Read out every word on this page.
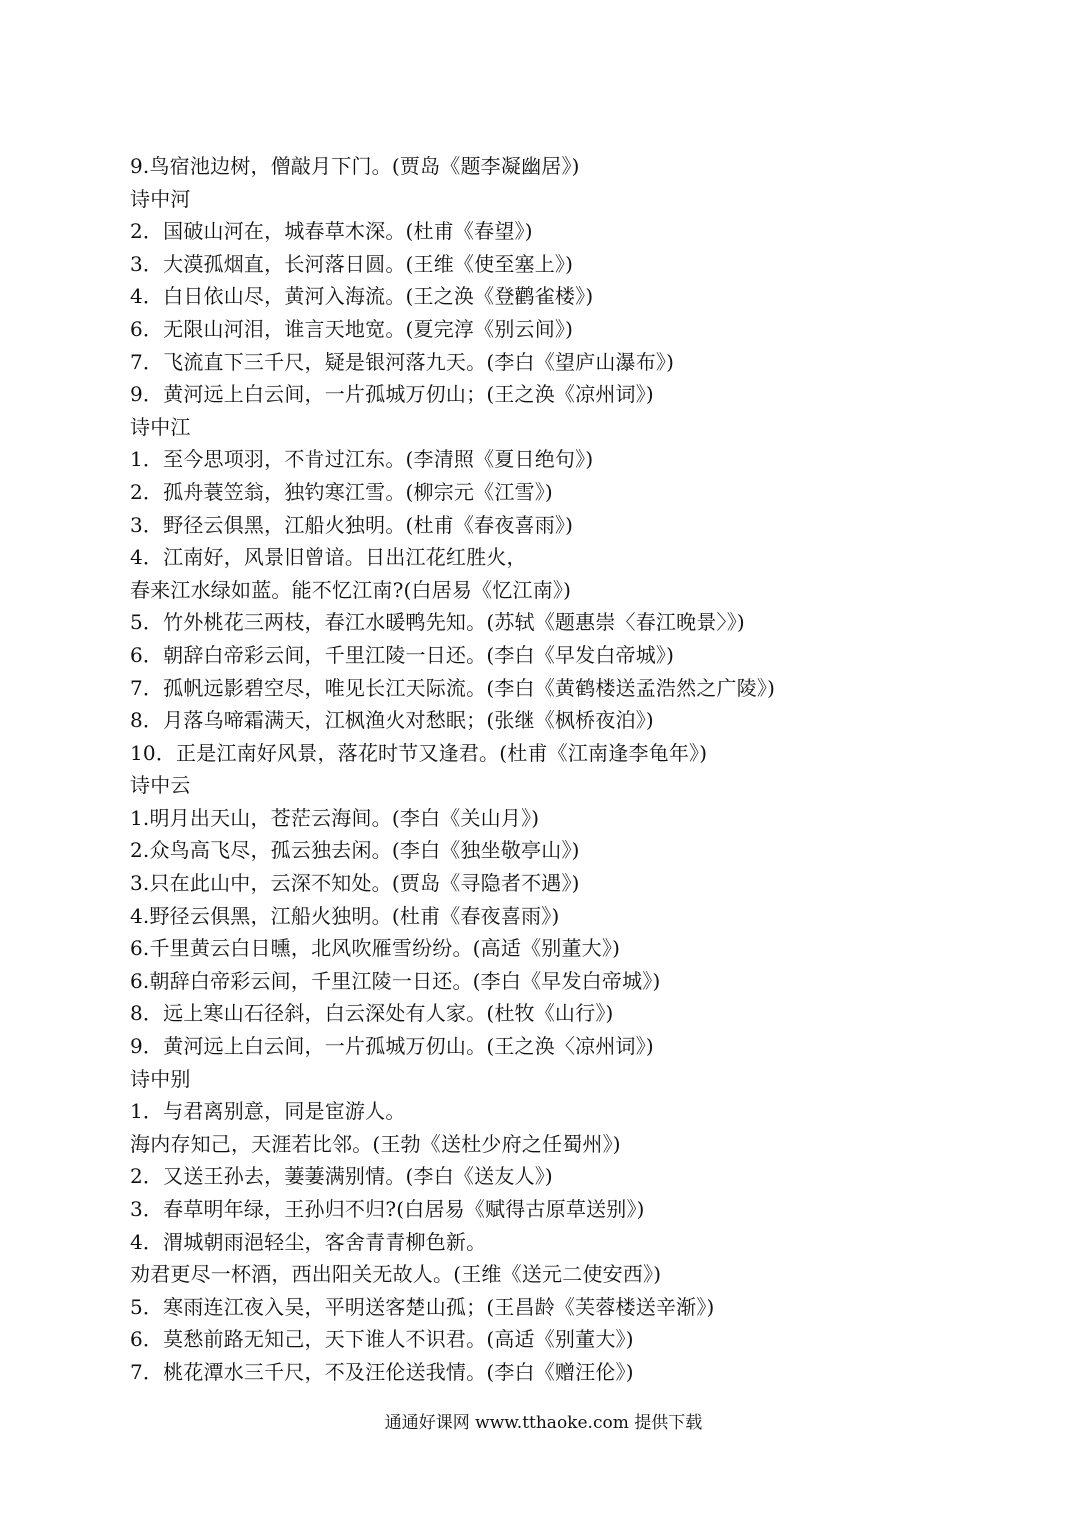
9.鸟宿池边树，僧敲月下门。(贾岛《题李凝幽居》)
诗中河
2．国破山河在，城春草木深。(杜甫《春望》)
3．大漠孤烟直，长河落日圆。(王维《使至塞上》)
4．白日依山尽，黄河入海流。(王之涣《登鹳雀楼》)
6．无限山河泪，谁言天地宽。(夏完淳《别云间》)
7．飞流直下三千尺，疑是银河落九天。(李白《望庐山瀑布》)
9．黄河远上白云间，一片孤城万仞山；(王之涣《凉州词》)
诗中江
1．至今思项羽，不肯过江东。(李清照《夏日绝句》)
2．孤舟蓑笠翁，独钓寒江雪。(柳宗元《江雪》)
3．野径云俱黑，江船火独明。(杜甫《春夜喜雨》)
4．江南好，风景旧曾谙。日出江花红胜火，
春来江水绿如蓝。能不忆江南?(白居易《忆江南》)
5．竹外桃花三两枝，春江水暖鸭先知。(苏轼《题惠崇〈春江晚景〉》)
6．朝辞白帝彩云间，千里江陵一日还。(李白《早发白帝城》)
7．孤帆远影碧空尽，唯见长江天际流。(李白《黄鹤楼送孟浩然之广陵》)
8．月落乌啼霜满天，江枫渔火对愁眠；(张继《枫桥夜泊》)
10．正是江南好风景，落花时节又逢君。(杜甫《江南逢李龟年》)
诗中云
1.明月出天山，苍茫云海间。(李白《关山月》)
2.众鸟高飞尽，孤云独去闲。(李白《独坐敬亭山》)
3.只在此山中，云深不知处。(贾岛《寻隐者不遇》)
4.野径云俱黑，江船火独明。(杜甫《春夜喜雨》)
6.千里黄云白日曛，北风吹雁雪纷纷。(高适《别董大》)
6.朝辞白帝彩云间，千里江陵一日还。(李白《早发白帝城》)
8．远上寒山石径斜，白云深处有人家。(杜牧《山行》)
9．黄河远上白云间，一片孤城万仞山。(王之涣〈凉州词》)
诗中别
1．与君离别意，同是宦游人。
海内存知己，天涯若比邻。(王勃《送杜少府之任蜀州》)
2．又送王孙去，萋萋满别情。(李白《送友人》)
3．春草明年绿，王孙归不归?(白居易《赋得古原草送别》)
4．渭城朝雨浥轻尘，客舍青青柳色新。
劝君更尽一杯酒，西出阳关无故人。(王维《送元二使安西》)
5．寒雨连江夜入吴，平明送客楚山孤；(王昌龄《芙蓉楼送辛渐》)
6．莫愁前路无知己，天下谁人不识君。(高适《别董大》)
7．桃花潭水三千尺，不及汪伦送我情。(李白《赠汪伦》)
通通好课网 www.tthaoke.com 提供下载
